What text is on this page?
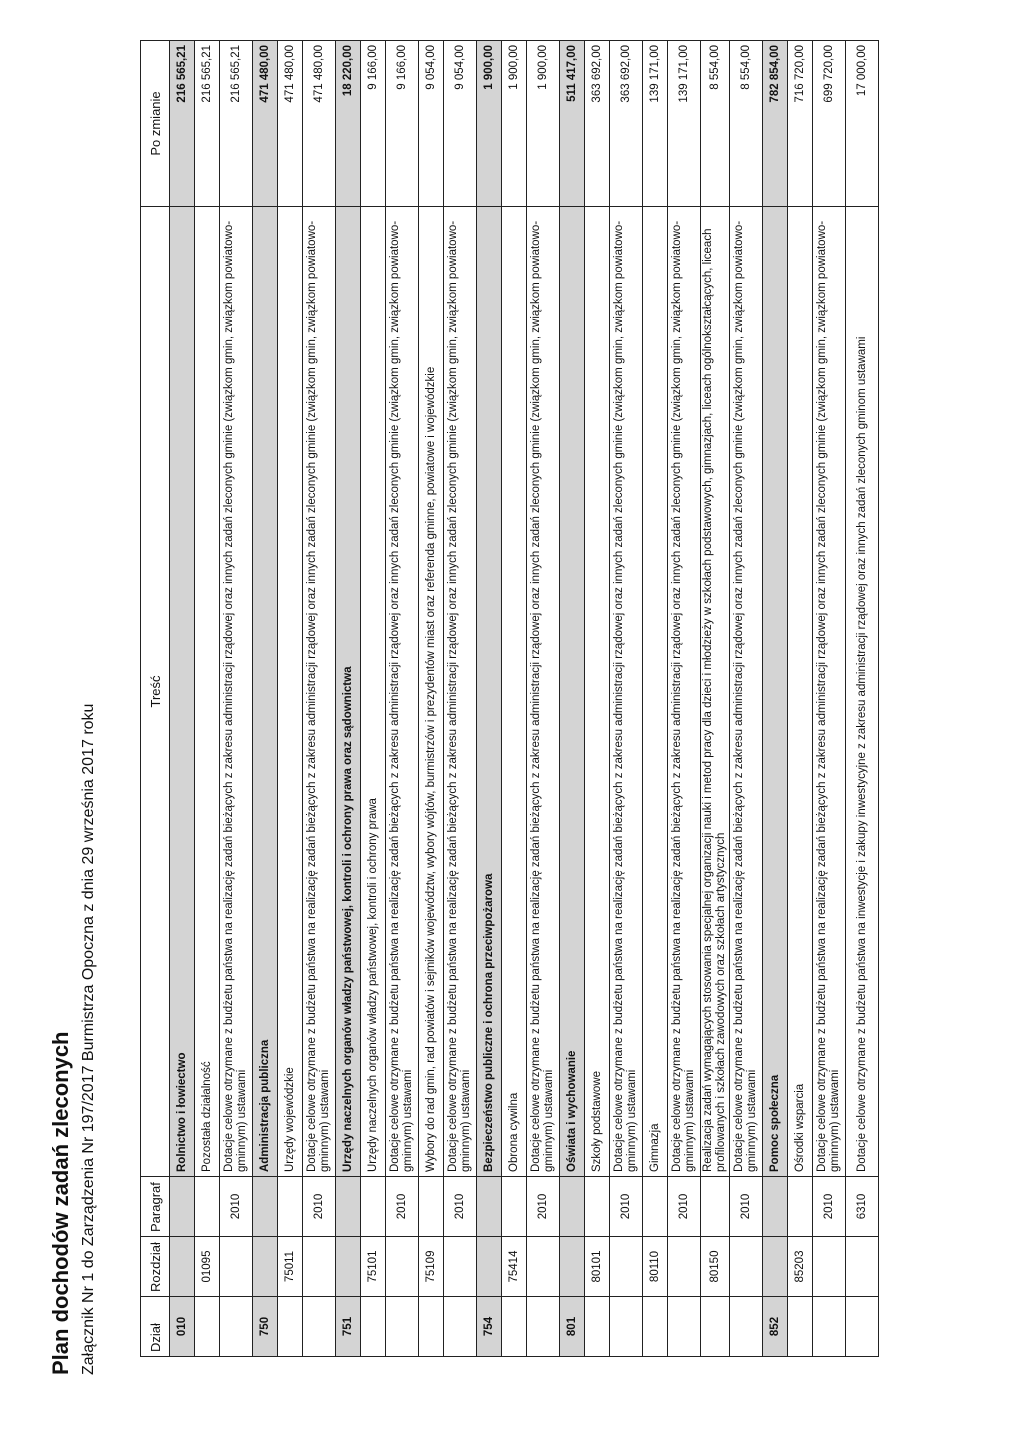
Plan dochodów zadań zleconych Załącznik Nr 1 do Zarządzenia Nr 197/2017 Burmistrza Opoczna z dnia 29 września 2017 roku	Dział	Rozdział	Paragraf	Treść	Po zmianie
010			Rolnictwo i łowiectwo	216 565,21
	01095		Pozostała działalność	216 565,21
		2010	Dotacje celowe otrzymane z budżetu państwa na realizację zadań bieżących z zakresu administracji rządowej oraz innych zadań zleconych gminie (związkom gmin, związkom powiatowo-gminnym) ustawami	216 565,21
750			Administracja publiczna	471 480,00
	75011		Urzędy wojewódzkie	471 480,00
		2010	Dotacje celowe otrzymane z budżetu państwa na realizację zadań bieżących z zakresu administracji rządowej oraz innych zadań zleconych gminie (związkom gmin, związkom powiatowo-gminnym) ustawami	471 480,00
751			Urzędy naczelnych organów władzy państwowej, kontroli i ochrony prawa oraz sądownictwa	18 220,00
	75101		Urzędy naczelnych organów władzy państwowej, kontroli i ochrony prawa	9 166,00
		2010	Dotacje celowe otrzymane z budżetu państwa na realizację zadań bieżących z zakresu administracji rządowej oraz innych zadań zleconych gminie (związkom gmin, związkom powiatowo-gminnym) ustawami	9 166,00
	75109		Wybory do rad gmin, rad powiatów i sejmików województw, wybory wójtów, burmistrzów i prezydentów miast oraz referenda gminne, powiatowe i wojewódzkie	9 054,00
		2010	Dotacje celowe otrzymane z budżetu państwa na realizację zadań bieżących z zakresu administracji rządowej oraz innych zadań zleconych gminie (związkom gmin, związkom powiatowo-gminnym) ustawami	9 054,00
754			Bezpieczeństwo publiczne i ochrona przeciwpożarowa	1 900,00
	75414		Obrona cywilna	1 900,00
		2010	Dotacje celowe otrzymane z budżetu państwa na realizację zadań bieżących z zakresu administracji rządowej oraz innych zadań zleconych gminie (związkom gmin, związkom powiatowo-gminnym) ustawami	1 900,00
801			Oświata i wychowanie	511 417,00
	80101		Szkoły podstawowe	363 692,00
		2010	Dotacje celowe otrzymane z budżetu państwa na realizację zadań bieżących z zakresu administracji rządowej oraz innych zadań zleconych gminie (związkom gmin, związkom powiatowo-gminnym) ustawami	363 692,00
	80110		Gimnazja	139 171,00
		2010	Dotacje celowe otrzymane z budżetu państwa na realizację zadań bieżących z zakresu administracji rządowej oraz innych zadań zleconych gminie (związkom gmin, związkom powiatowo-gminnym) ustawami	139 171,00
	80150		Realizacja zadań wymagających stosowania specjalnej organizacji nauki i metod pracy dla dzieci i młodzieży w szkołach podstawowych, gimnazjach, liceach ogólnokształcących, liceach profilowanych i szkołach zawodowych oraz szkołach artystycznych	8 554,00
		2010	Dotacje celowe otrzymane z budżetu państwa na realizację zadań bieżących z zakresu administracji rządowej oraz innych zadań zleconych gminie (związkom gmin, związkom powiatowo-gminnym) ustawami	8 554,00
852			Pomoc społeczna	782 854,00
	85203		Ośrodki wsparcia	716 720,00
		2010	Dotacje celowe otrzymane z budżetu państwa na realizację zadań bieżących z zakresu administracji rządowej oraz innych zadań zleconych gminie (związkom gmin, związkom powiatowo-gminnym) ustawami	699 720,00
		6310	Dotacje celowe otrzymane z budżetu państwa na inwestycje i zakupy inwestycyjne z zakresu administracji rządowej oraz innych zadań zleconych gminom ustawami	17 000,00
